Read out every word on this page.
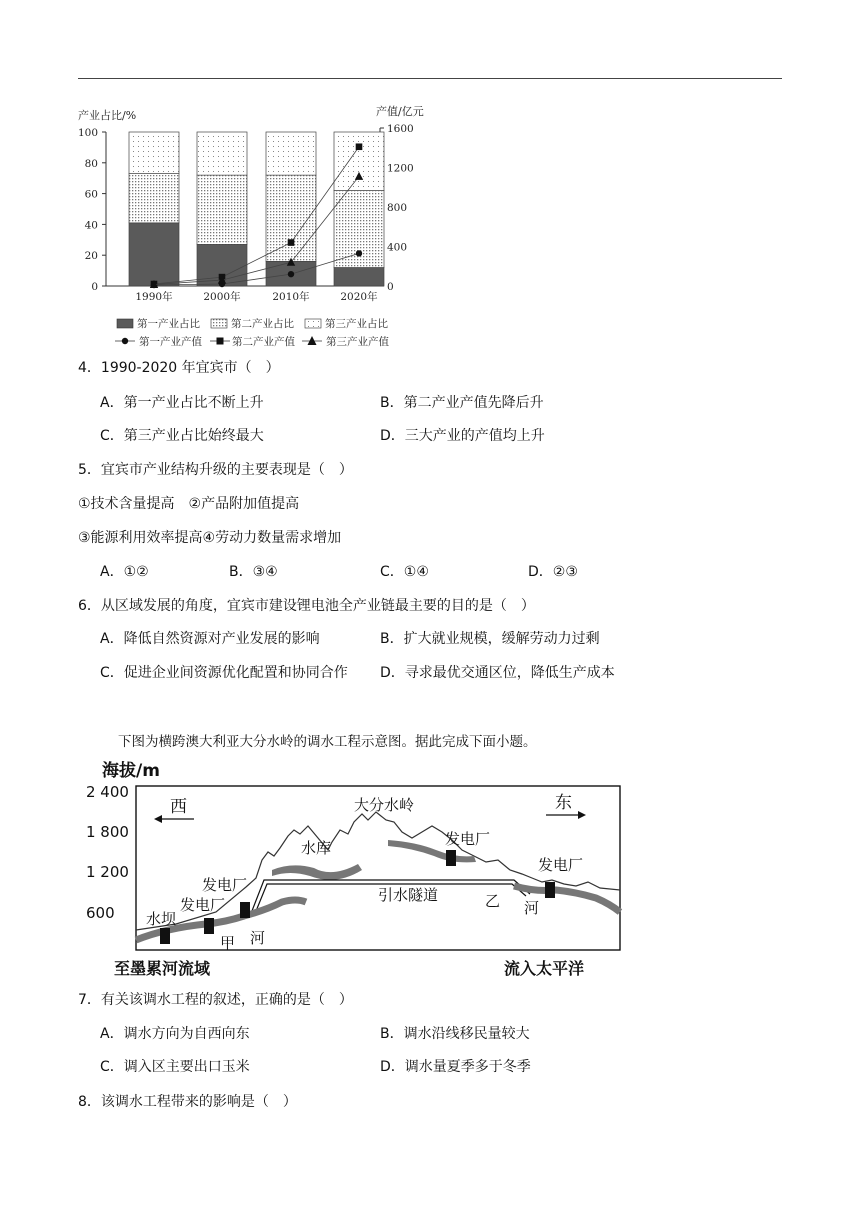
产业占比/%	产值/亿元
0
20
40
60
80
100
0
400
800
1200
1600
1990年	2000年	2010年	2020年
第一产业占比	第二产业占比	第三产业占比
第一产业产值	第二产业产值	第三产业产值
4．1990-2020 年宜宾市（　）
A．第一产业占比不断上升	B．第二产业产值先降后升
C．第三产业占比始终最大	D．三大产业的产值均上升
5．宜宾市产业结构升级的主要表现是（　）
①技术含量提高　②产品附加值提高
③能源利用效率提高④劳动力数量需求增加
A．①②	B．③④	C．①④	D．②③
6．从区域发展的角度，宜宾市建设锂电池全产业链最主要的目的是（　）
A．降低自然资源对产业发展的影响	B．扩大就业规模，缓解劳动力过剩
C．促进企业间资源优化配置和协同合作 D．寻求最优交通区位，降低生产成本
下图为横跨澳大利亚大分水岭的调水工程示意图。据此完成下面小题。
海拔/m
2 400
1 800
1 200
600
西	东
大分水岭
水库	发电厂
发电厂
发电厂
发电厂
水坝
引水隧道
甲 河
乙 河
至墨累河流域	流入太平洋
7．有关该调水工程的叙述，正确的是（　）
A．调水方向为自西向东	B．调水沿线移民量较大
C．调入区主要出口玉米	D．调水量夏季多于冬季
8．该调水工程带来的影响是（　）
